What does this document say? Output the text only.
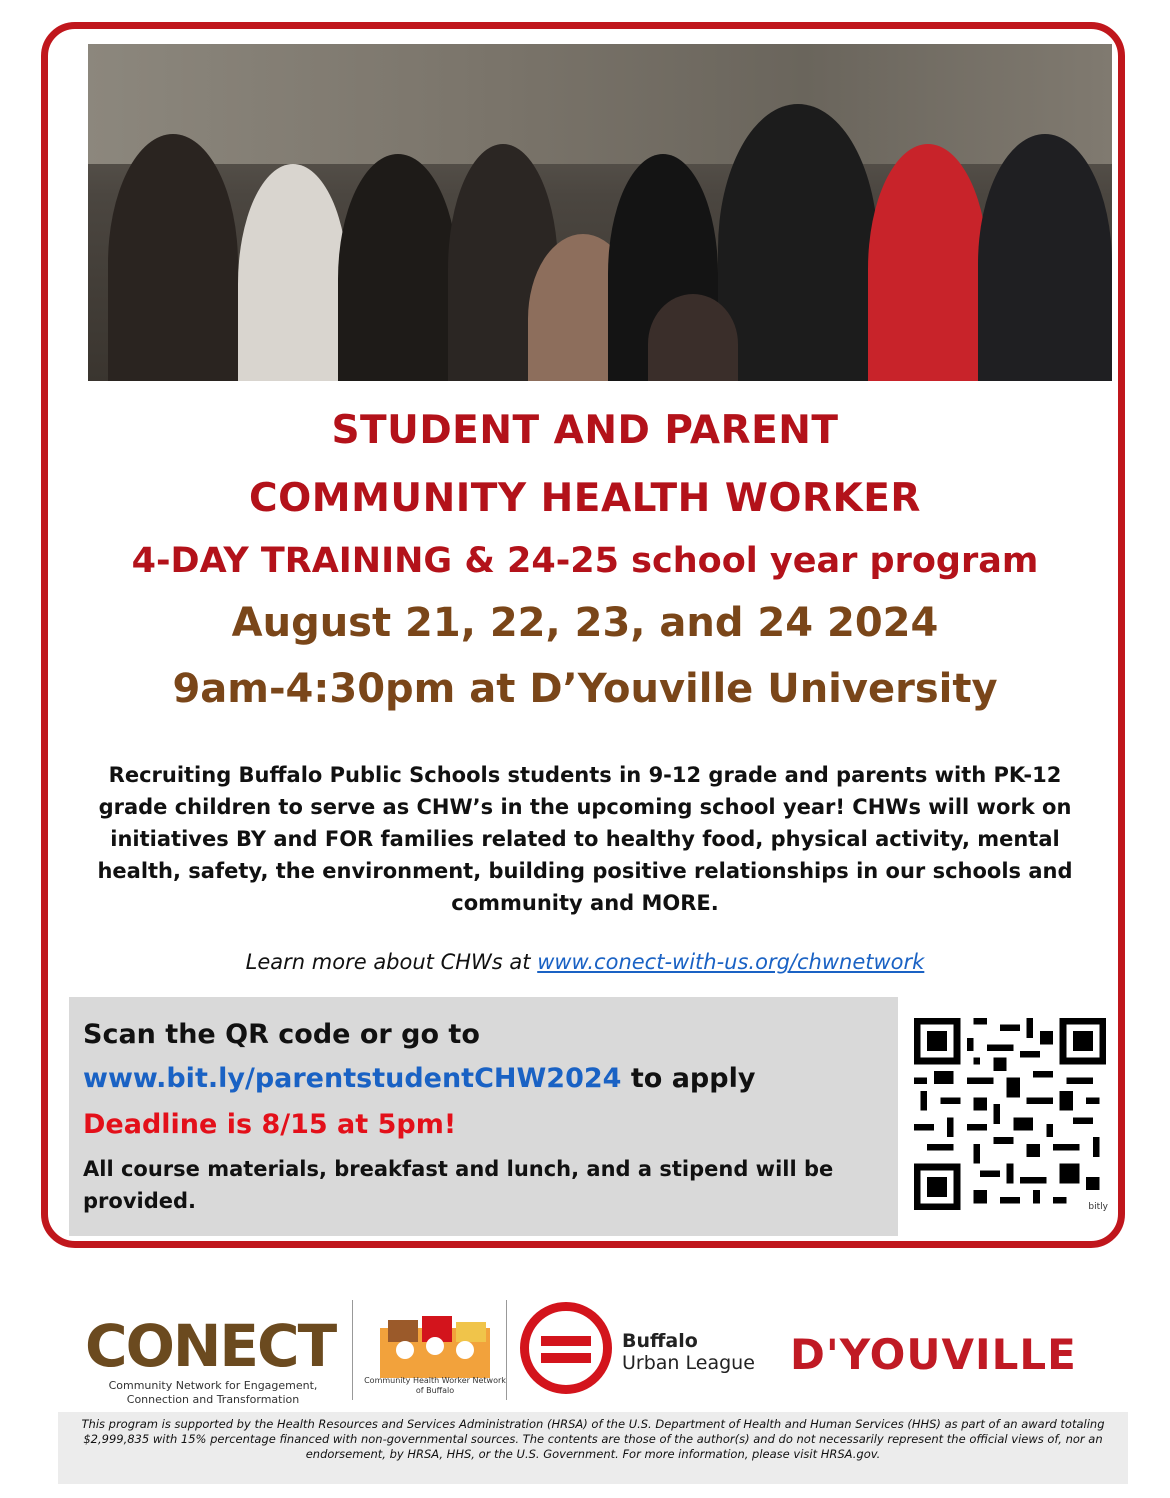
STUDENT AND PARENT
COMMUNITY HEALTH WORKER
4-DAY TRAINING & 24-25 school year program
August 21, 22, 23, and 24 2024
9am-4:30pm at D’Youville University

Recruiting Buffalo Public Schools students in 9-12 grade and parents with PK-12 grade children to serve as CHW’s in the upcoming school year! CHWs will work on initiatives BY and FOR families related to healthy food, physical activity, mental health, safety, the environment, building positive relationships in our schools and community and MORE.

Learn more about CHWs at www.conect-with-us.org/chwnetwork

Scan the QR code or go to

www.bit.ly/parentstudentCHW2024 to apply

Deadline is 8/15 at 5pm!

All course materials, breakfast and lunch, and a stipend will be provided.	bitly
CONECT
Community Network for Engagement, Connection and Transformation
Community Health Worker Network of Buffalo
Buffalo
Urban League D'YOUVILLE

This program is supported by the Health Resources and Services Administration (HRSA) of the U.S. Department of Health and Human Services (HHS) as part of an award totaling $2,999,835 with 15% percentage financed with non-governmental sources. The contents are those of the author(s) and do not necessarily represent the official views of, nor an endorsement, by HRSA, HHS, or the U.S. Government. For more information, please visit HRSA.gov.
